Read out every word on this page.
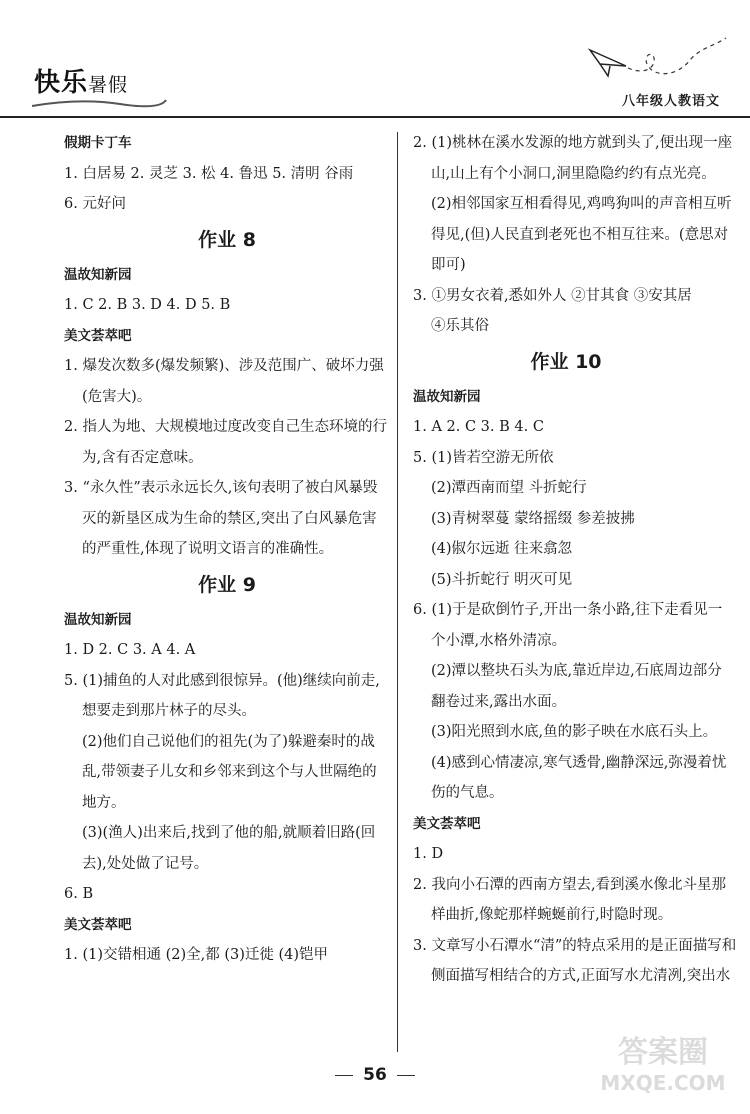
快乐暑假
八年级人教语文
假期卡丁车
1. 白居易 2. 灵芝 3. 松 4. 鲁迅 5. 清明 谷雨
6. 元好问
作业 8
温故知新园
1. C 2. B 3. D 4. D 5. B
美文荟萃吧
1. 爆发次数多(爆发频繁)、涉及范围广、破坏力强
(危害大)。
2. 指人为地、大规模地过度改变自己生态环境的行
为,含有否定意味。
3. “永久性”表示永远长久,该句表明了被白风暴毁
灭的新垦区成为生命的禁区,突出了白风暴危害
的严重性,体现了说明文语言的准确性。
作业 9
温故知新园
1. D 2. C 3. A 4. A
5. (1)捕鱼的人对此感到很惊异。(他)继续向前走,
想要走到那片林子的尽头。
(2)他们自己说他们的祖先(为了)躲避秦时的战
乱,带领妻子儿女和乡邻来到这个与人世隔绝的
地方。
(3)(渔人)出来后,找到了他的船,就顺着旧路(回
去),处处做了记号。
6. B
美文荟萃吧
1. (1)交错相通 (2)全,都 (3)迁徙 (4)铠甲
2. (1)桃林在溪水发源的地方就到头了,便出现一座
山,山上有个小洞口,洞里隐隐约约有点光亮。
(2)相邻国家互相看得见,鸡鸣狗叫的声音相互听
得见,(但)人民直到老死也不相互往来。(意思对
即可)
3. ①男女衣着,悉如外人 ②甘其食 ③安其居
④乐其俗
作业 10
温故知新园
1. A 2. C 3. B 4. C
5. (1)皆若空游无所依
(2)潭西南而望 斗折蛇行
(3)青树翠蔓 蒙络摇缀 参差披拂
(4)俶尔远逝 往来翕忽
(5)斗折蛇行 明灭可见
6. (1)于是砍倒竹子,开出一条小路,往下走看见一
个小潭,水格外清凉。
(2)潭以整块石头为底,靠近岸边,石底周边部分
翻卷过来,露出水面。
(3)阳光照到水底,鱼的影子映在水底石头上。
(4)感到心情凄凉,寒气透骨,幽静深远,弥漫着忧
伤的气息。
美文荟萃吧
1. D
2. 我向小石潭的西南方望去,看到溪水像北斗星那
样曲折,像蛇那样蜿蜒前行,时隐时现。
3. 文章写小石潭水“清”的特点采用的是正面描写和
侧面描写相结合的方式,正面写水尤清冽,突出水
56
答案圈
MXQE.COM
